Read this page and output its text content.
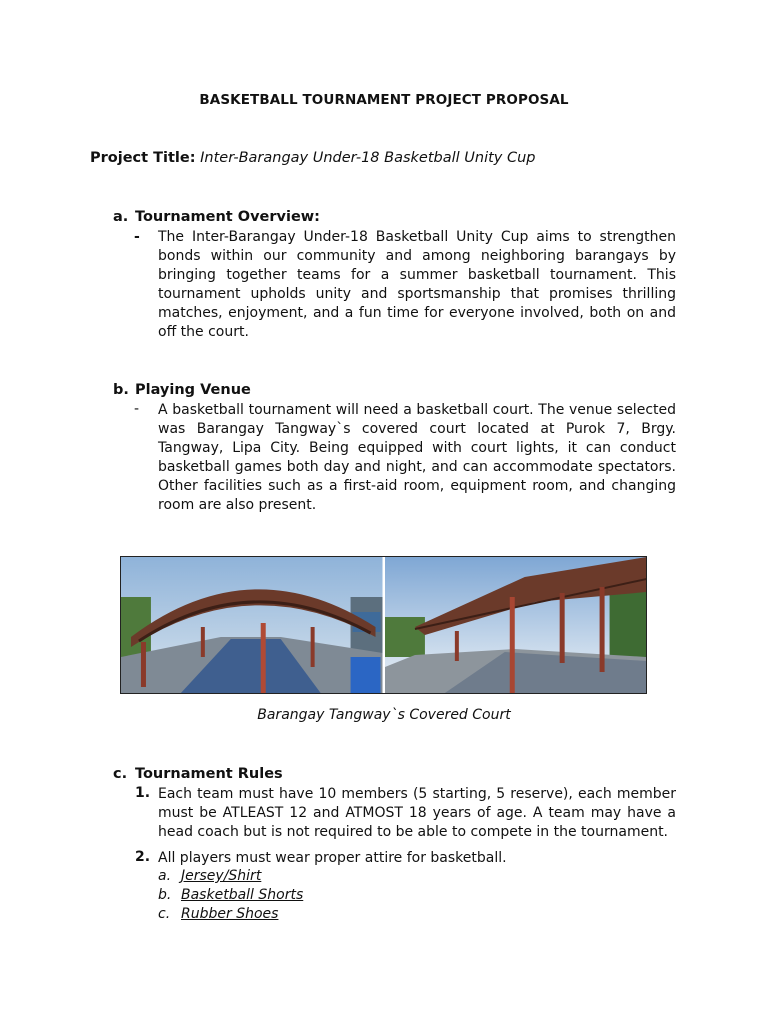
BASKETBALL TOURNAMENT PROJECT PROPOSAL
Project Title: Inter-Barangay Under-18 Basketball Unity Cup
a. Tournament Overview:
- The Inter-Barangay Under-18 Basketball Unity Cup aims to strengthen bonds within our community and among neighboring barangays by bringing together teams for a summer basketball tournament. This tournament upholds unity and sportsmanship that promises thrilling matches, enjoyment, and a fun time for everyone involved, both on and off the court.
b. Playing Venue
- A basketball tournament will need a basketball court. The venue selected was Barangay Tangway`s covered court located at Purok 7, Brgy. Tangway, Lipa City. Being equipped with court lights, it can conduct basketball games both day and night, and can accommodate spectators. Other facilities such as a first-aid room, equipment room, and changing room are also present.
Barangay Tangway`s Covered Court
c. Tournament Rules
1. Each team must have 10 members (5 starting, 5 reserve), each member must be ATLEAST 12 and ATMOST 18 years of age. A team may have a head coach but is not required to be able to compete in the tournament.
2. All players must wear proper attire for basketball.
a. Jersey/Shirt
b. Basketball Shorts
c. Rubber Shoes
